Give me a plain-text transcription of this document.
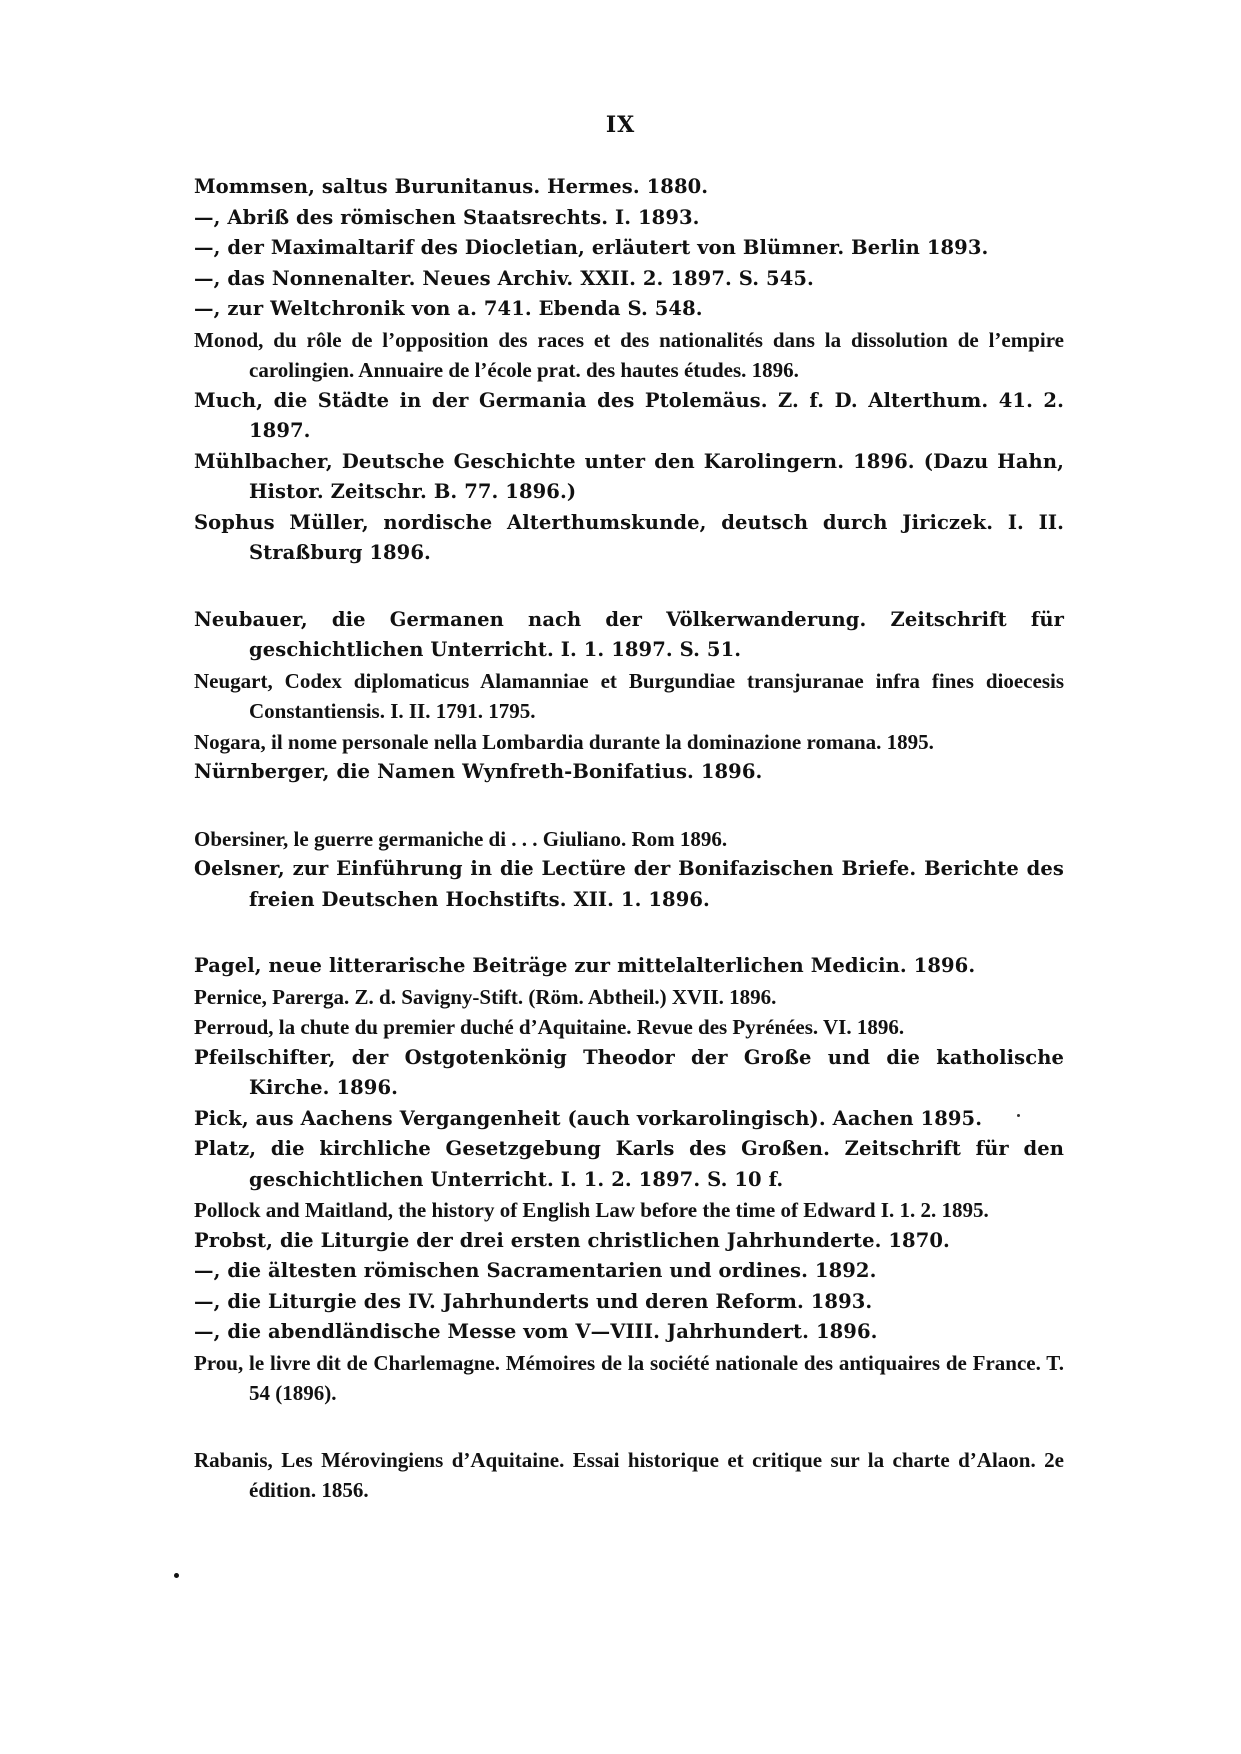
IX

Mommsen, saltus Burunitanus. Hermes. 1880.

—, Abriß des römischen Staatsrechts. I. 1893.

—, der Maximaltarif des Diocletian, erläutert von Blümner. Berlin 1893.

—, das Nonnenalter. Neues Archiv. XXII. 2. 1897. S. 545.

—, zur Weltchronik von a. 741. Ebenda S. 548.

Monod, du rôle de l’opposition des races et des nationalités dans la dissolution de l’empire carolingien. Annuaire de l’école prat. des hautes études. 1896.

Much, die Städte in der Germania des Ptolemäus. Z. f. D. Alterthum. 41. 2. 1897.

Mühlbacher, Deutsche Geschichte unter den Karolingern. 1896. (Dazu Hahn, Histor. Zeitschr. B. 77. 1896.)

Sophus Müller, nordische Alterthumskunde, deutsch durch Jiriczek. I. II. Straßburg 1896.

Neubauer, die Germanen nach der Völkerwanderung. Zeitschrift für geschichtlichen Unterricht. I. 1. 1897. S. 51.

Neugart, Codex diplomaticus Alamanniae et Burgundiae transjuranae infra fines dioecesis Constantiensis. I. II. 1791. 1795.

Nogara, il nome personale nella Lombardia durante la dominazione romana. 1895.

Nürnberger, die Namen Wynfreth-Bonifatius. 1896.

Obersiner, le guerre germaniche di . . . Giuliano. Rom 1896.

Oelsner, zur Einführung in die Lectüre der Bonifazischen Briefe. Berichte des freien Deutschen Hochstifts. XII. 1. 1896.

Pagel, neue litterarische Beiträge zur mittelalterlichen Medicin. 1896.

Pernice, Parerga. Z. d. Savigny-Stift. (Röm. Abtheil.) XVII. 1896.

Perroud, la chute du premier duché d’Aquitaine. Revue des Pyrénées. VI. 1896.

Pfeilschifter, der Ostgotenkönig Theodor der Große und die katholische Kirche. 1896.

Pick, aus Aachens Vergangenheit (auch vorkarolingisch). Aachen 1895.

Platz, die kirchliche Gesetzgebung Karls des Großen. Zeitschrift für den geschichtlichen Unterricht. I. 1. 2. 1897. S. 10 f.

Pollock and Maitland, the history of English Law before the time of Edward I. 1. 2. 1895.

Probst, die Liturgie der drei ersten christlichen Jahrhunderte. 1870.

—, die ältesten römischen Sacramentarien und ordines. 1892.

—, die Liturgie des IV. Jahrhunderts und deren Reform. 1893.

—, die abendländische Messe vom V—VIII. Jahrhundert. 1896.

Prou, le livre dit de Charlemagne. Mémoires de la société nationale des antiquaires de France. T. 54 (1896).

Rabanis, Les Mérovingiens d’Aquitaine. Essai historique et critique sur la charte d’Alaon. 2e édition. 1856.
